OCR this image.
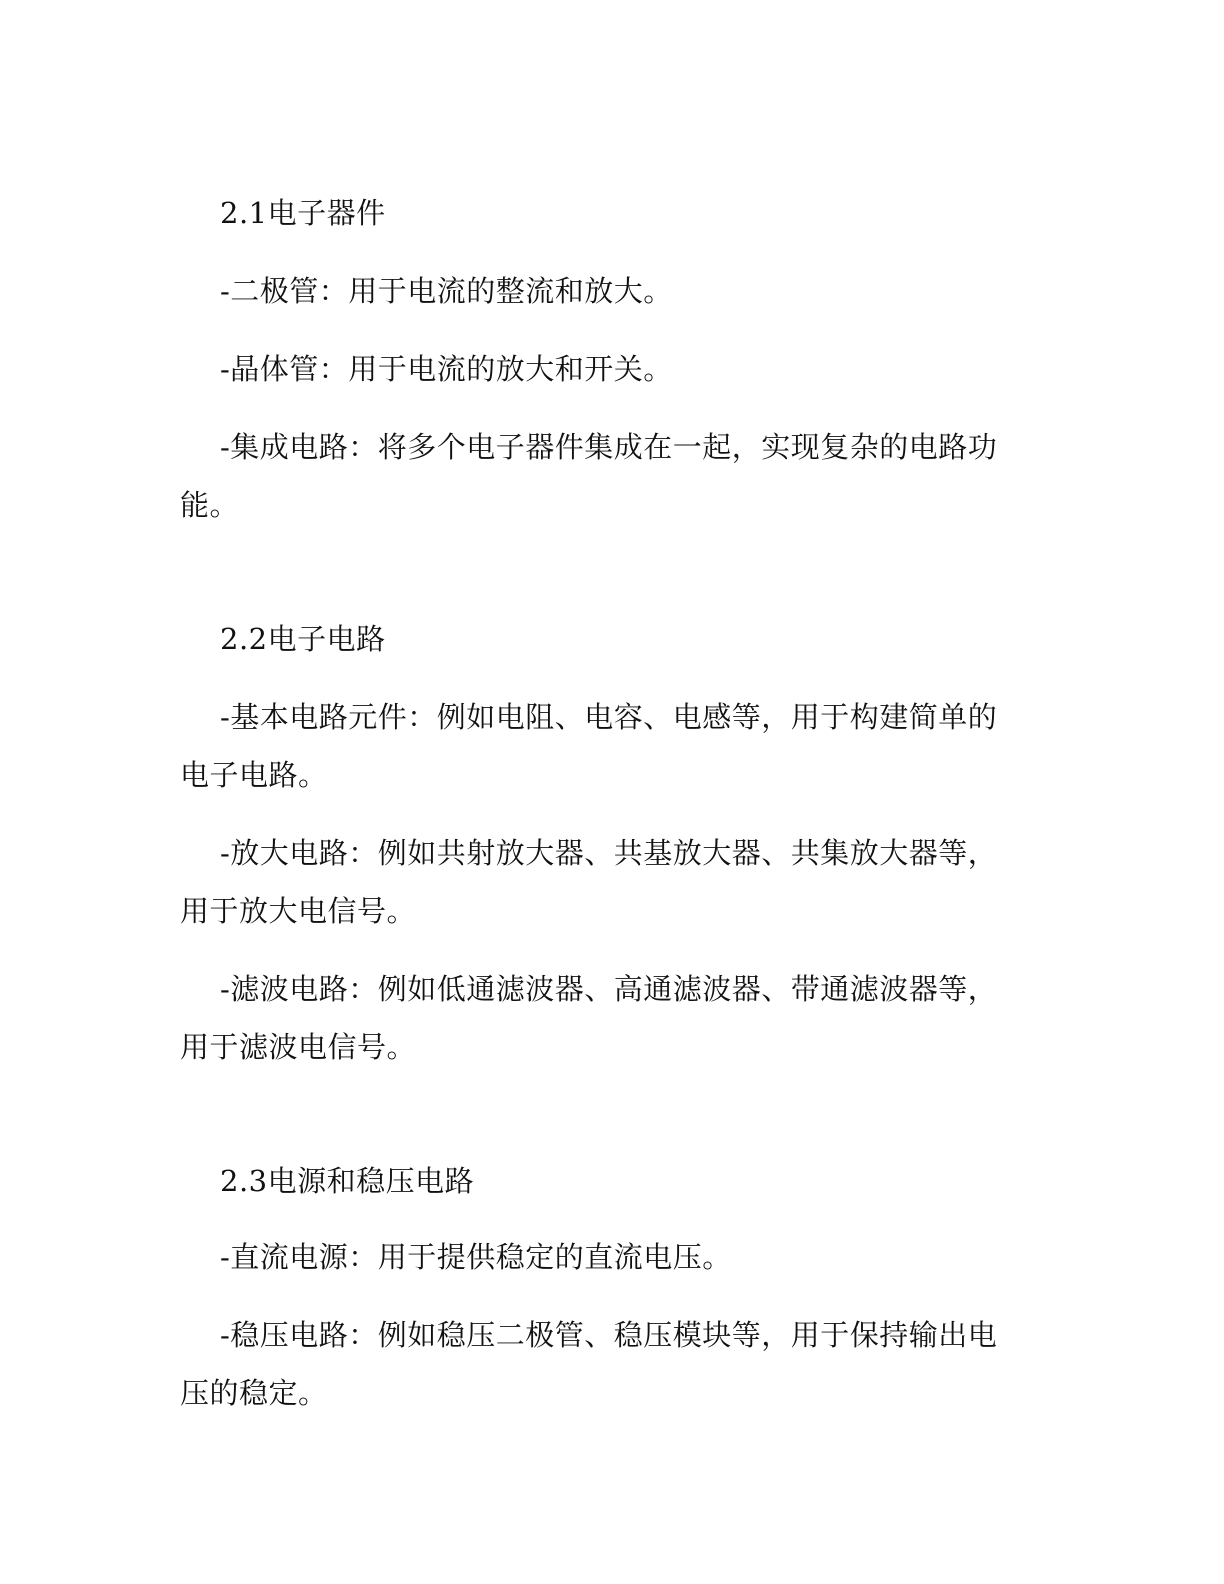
2.1电子器件
-二极管：用于电流的整流和放大。
-晶体管：用于电流的放大和开关。
-集成电路：将多个电子器件集成在一起，实现复杂的电路功能。
2.2电子电路
-基本电路元件：例如电阻、电容、电感等，用于构建简单的电子电路。
-放大电路：例如共射放大器、共基放大器、共集放大器等，用于放大电信号。
-滤波电路：例如低通滤波器、高通滤波器、带通滤波器等，用于滤波电信号。
2.3电源和稳压电路
-直流电源：用于提供稳定的直流电压。
-稳压电路：例如稳压二极管、稳压模块等，用于保持输出电压的稳定。
